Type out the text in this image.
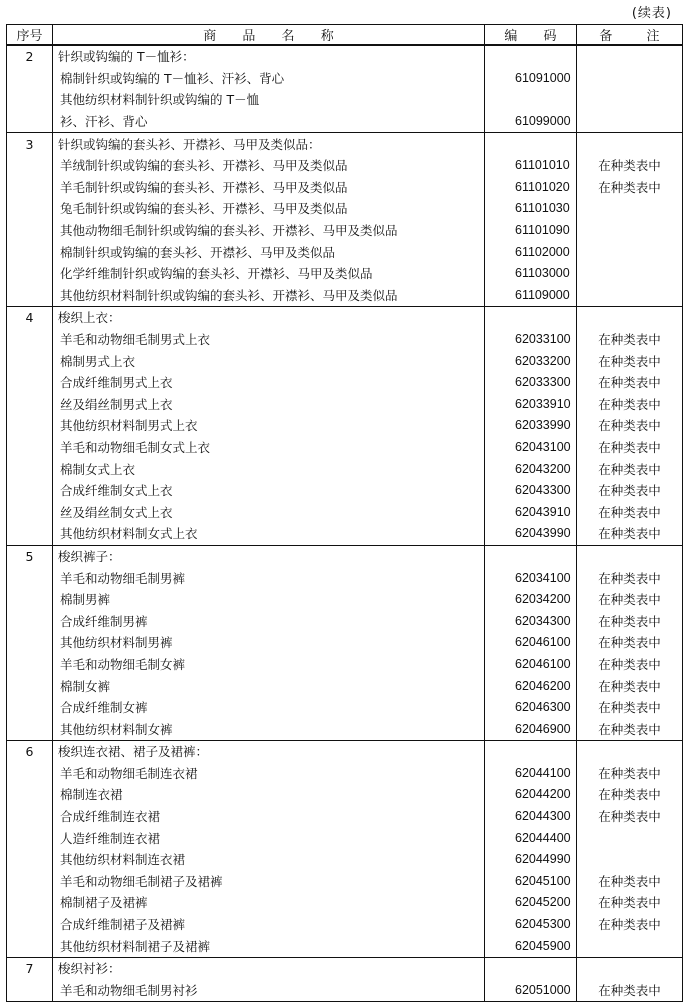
(续表)
序号	商 品 名 称	编 码	备 注
2	针织或钩编的 T－恤衫：		
	棉制针织或钩编的 T－恤衫、汗衫、背心	61091000	
	其他纺织材料制针织或钩编的 T－恤		
	衫、汗衫、背心	61099000	
3	针织或钩编的套头衫、开襟衫、马甲及类似品：		
	羊绒制针织或钩编的套头衫、开襟衫、马甲及类似品	61101010	在种类表中
	羊毛制针织或钩编的套头衫、开襟衫、马甲及类似品	61101020	在种类表中
	兔毛制针织或钩编的套头衫、开襟衫、马甲及类似品	61101030	
	其他动物细毛制针织或钩编的套头衫、开襟衫、马甲及类似品	61101090	
	棉制针织或钩编的套头衫、开襟衫、马甲及类似品	61102000	
	化学纤维制针织或钩编的套头衫、开襟衫、马甲及类似品	61103000	
	其他纺织材料制针织或钩编的套头衫、开襟衫、马甲及类似品	61109000	
4	梭织上衣：		
	羊毛和动物细毛制男式上衣	62033100	在种类表中
	棉制男式上衣	62033200	在种类表中
	合成纤维制男式上衣	62033300	在种类表中
	丝及绢丝制男式上衣	62033910	在种类表中
	其他纺织材料制男式上衣	62033990	在种类表中
	羊毛和动物细毛制女式上衣	62043100	在种类表中
	棉制女式上衣	62043200	在种类表中
	合成纤维制女式上衣	62043300	在种类表中
	丝及绢丝制女式上衣	62043910	在种类表中
	其他纺织材料制女式上衣	62043990	在种类表中
5	梭织裤子：		
	羊毛和动物细毛制男裤	62034100	在种类表中
	棉制男裤	62034200	在种类表中
	合成纤维制男裤	62034300	在种类表中
	其他纺织材料制男裤	62046100	在种类表中
	羊毛和动物细毛制女裤	62046100	在种类表中
	棉制女裤	62046200	在种类表中
	合成纤维制女裤	62046300	在种类表中
	其他纺织材料制女裤	62046900	在种类表中
6	梭织连衣裙、裙子及裙裤：		
	羊毛和动物细毛制连衣裙	62044100	在种类表中
	棉制连衣裙	62044200	在种类表中
	合成纤维制连衣裙	62044300	在种类表中
	人造纤维制连衣裙	62044400	
	其他纺织材料制连衣裙	62044990	
	羊毛和动物细毛制裙子及裙裤	62045100	在种类表中
	棉制裙子及裙裤	62045200	在种类表中
	合成纤维制裙子及裙裤	62045300	在种类表中
	其他纺织材料制裙子及裙裤	62045900	
7	梭织衬衫：		
	羊毛和动物细毛制男衬衫	62051000	在种类表中
